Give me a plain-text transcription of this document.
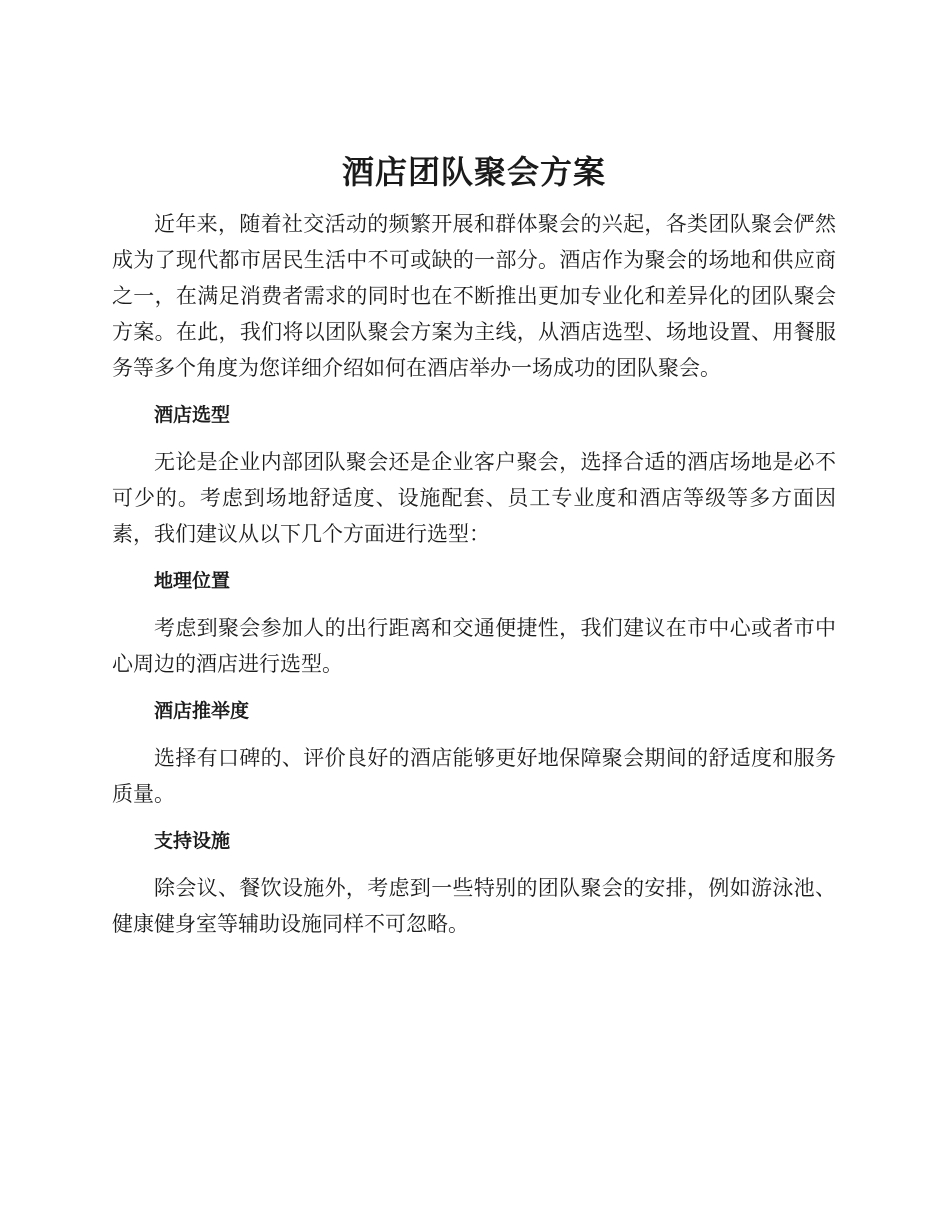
酒店团队聚会方案

近年来，随着社交活动的频繁开展和群体聚会的兴起，各类团队聚会俨然成为了现代都市居民生活中不可或缺的一部分。酒店作为聚会的场地和供应商之一，在满足消费者需求的同时也在不断推出更加专业化和差异化的团队聚会方案。在此，我们将以团队聚会方案为主线，从酒店选型、场地设置、用餐服务等多个角度为您详细介绍如何在酒店举办一场成功的团队聚会。

酒店选型

无论是企业内部团队聚会还是企业客户聚会，选择合适的酒店场地是必不可少的。考虑到场地舒适度、设施配套、员工专业度和酒店等级等多方面因素，我们建议从以下几个方面进行选型：

地理位置

考虑到聚会参加人的出行距离和交通便捷性，我们建议在市中心或者市中心周边的酒店进行选型。

酒店推举度

选择有口碑的、评价良好的酒店能够更好地保障聚会期间的舒适度和服务质量。

支持设施

除会议、餐饮设施外，考虑到一些特别的团队聚会的安排，例如游泳池、健康健身室等辅助设施同样不可忽略。
